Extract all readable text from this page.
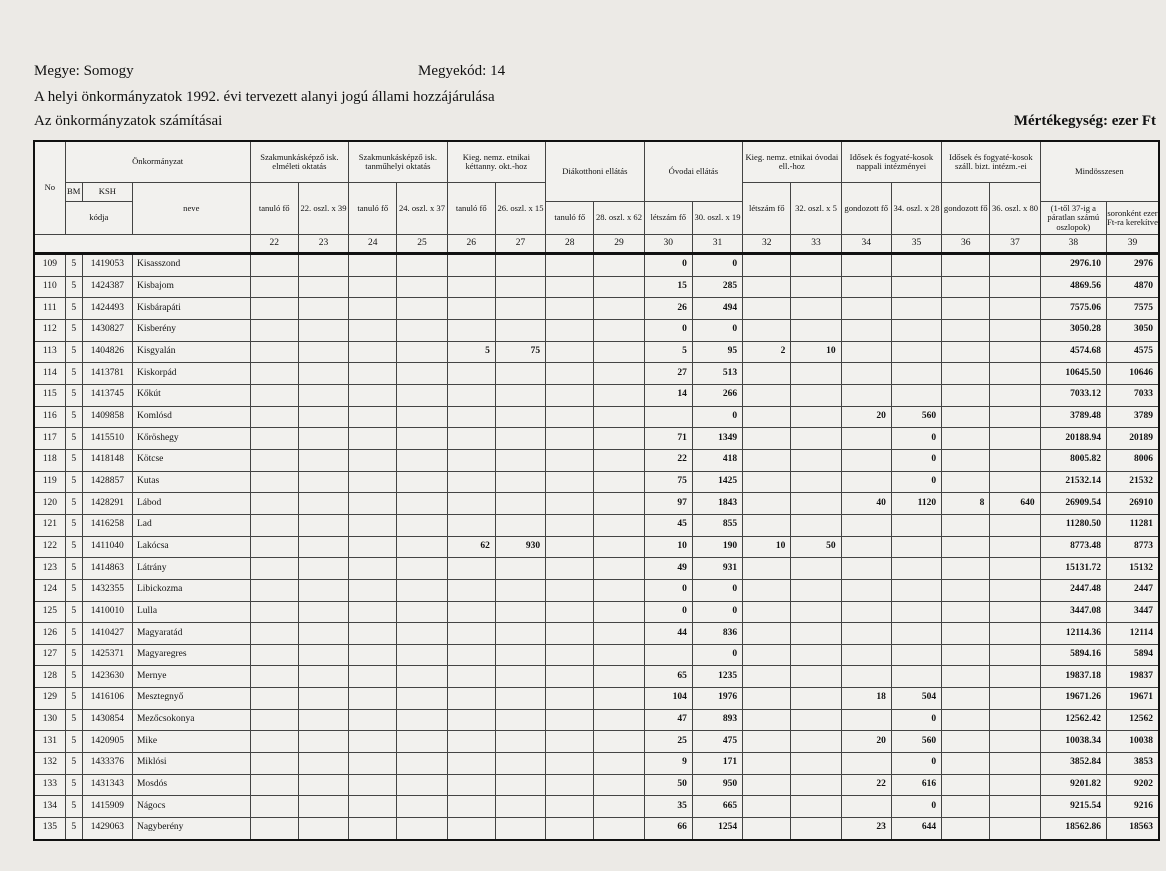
Megye: Somogy	Megyekód: 14
A helyi önkormányzatok 1992. évi tervezett alanyi jogú állami hozzájárulása
Az önkormányzatok számításai	Mértékegység: ezer Ft
No	Önkormányzat			Szakmunkásképző isk. elméleti oktatás		Szakmunkásképző isk. tanműhelyi oktatás		Kieg. nemz. etnikai kéttanny. okt.-hoz		Diákotthoni ellátás		Óvodai ellátás		Kieg. nemz. etnikai óvodai ell.-hoz		Idősek és fogyaté-kosok nappali intézményei		Idősek és fogyaté-kosok száll. bizt. intézm.-ei		Mindösszesen	
	BM	KSH	neve	tanuló fő	22. oszl. x 39	tanuló fő	24. oszl. x 37	tanuló fő	26. oszl. x 15					létszám fő	32. oszl. x 5	gondozott fő	34. oszl. x 28	gondozott fő	36. oszl. x 80		
	kódja									tanuló fő	28. oszl. x 62	létszám fő	30. oszl. x 19							(1-től 37-ig a páratlan számú oszlopok)	soronként ezer Ft-ra kerekítve
				22	23	24	25	26	27	28	29	30	31	32	33	34	35	36	37	38	39
109	5	1419053	Kisasszond									0	0							2976.10	2976
110	5	1424387	Kisbajom									15	285							4869.56	4870
111	5	1424493	Kisbárapáti									26	494							7575.06	7575
112	5	1430827	Kisberény									0	0							3050.28	3050
113	5	1404826	Kisgyalán					5	75			5	95	2	10					4574.68	4575
114	5	1413781	Kiskorpád									27	513							10645.50	10646
115	5	1413745	Kőkút									14	266							7033.12	7033
116	5	1409858	Komlósd										0			20	560			3789.48	3789
117	5	1415510	Kőröshegy									71	1349				0			20188.94	20189
118	5	1418148	Kötcse									22	418				0			8005.82	8006
119	5	1428857	Kutas									75	1425				0			21532.14	21532
120	5	1428291	Lábod									97	1843			40	1120	8	640	26909.54	26910
121	5	1416258	Lad									45	855							11280.50	11281
122	5	1411040	Lakócsa					62	930			10	190	10	50					8773.48	8773
123	5	1414863	Látrány									49	931							15131.72	15132
124	5	1432355	Libickozma									0	0							2447.48	2447
125	5	1410010	Lulla									0	0							3447.08	3447
126	5	1410427	Magyaratád									44	836							12114.36	12114
127	5	1425371	Magyaregres										0							5894.16	5894
128	5	1423630	Mernye									65	1235							19837.18	19837
129	5	1416106	Mesztegnyő									104	1976			18	504			19671.26	19671
130	5	1430854	Mezőcsokonya									47	893				0			12562.42	12562
131	5	1420905	Mike									25	475			20	560			10038.34	10038
132	5	1433376	Miklósi									9	171				0			3852.84	3853
133	5	1431343	Mosdós									50	950			22	616			9201.82	9202
134	5	1415909	Nágocs									35	665				0			9215.54	9216
135	5	1429063	Nagyberény									66	1254			23	644			18562.86	18563
